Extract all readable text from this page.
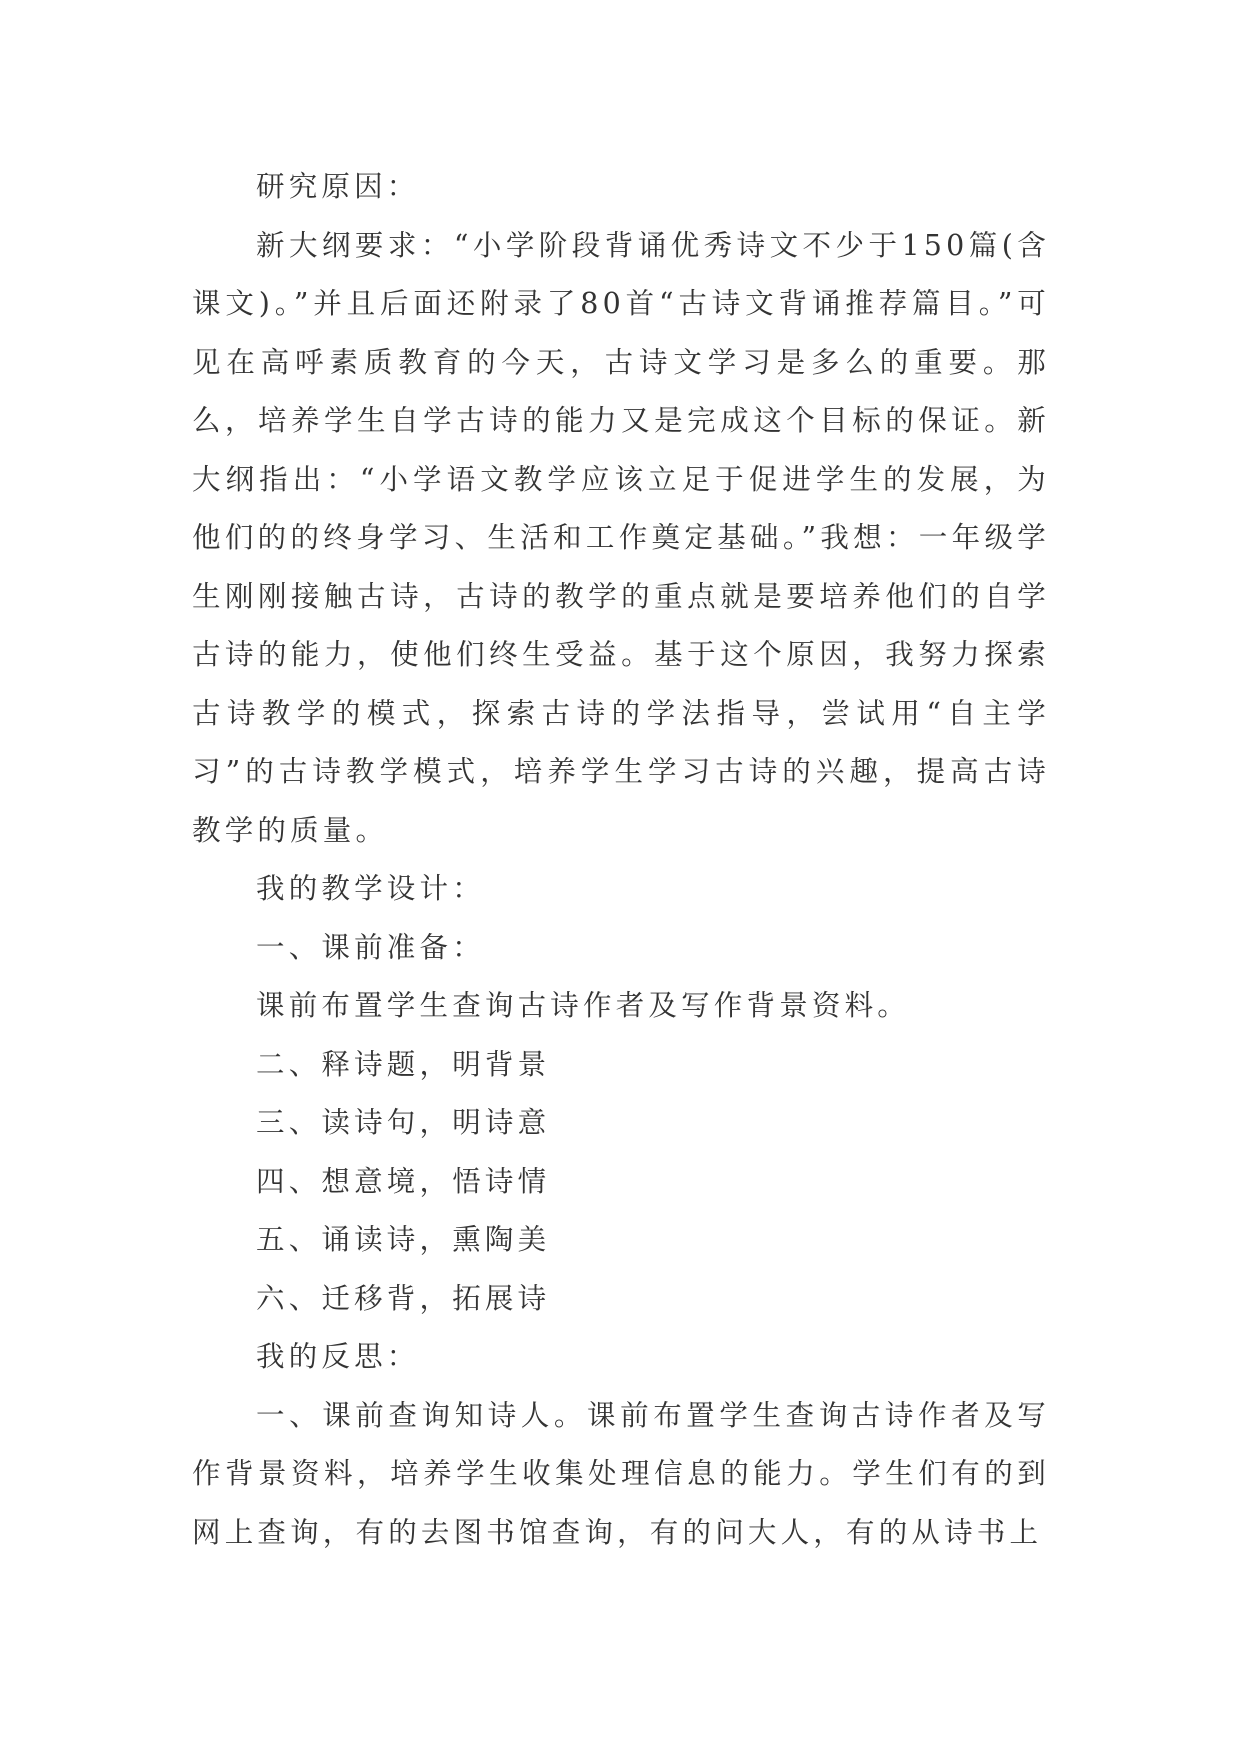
研究原因：

新大纲要求：“小学阶段背诵优秀诗文不少于150篇(含课文)。”并且后面还附录了80首“古诗文背诵推荐篇目。”可见在高呼素质教育的今天，古诗文学习是多么的重要。那么，培养学生自学古诗的能力又是完成这个目标的保证。新大纲指出：“小学语文教学应该立足于促进学生的发展，为他们的的终身学习、生活和工作奠定基础。”我想：一年级学生刚刚接触古诗，古诗的教学的重点就是要培养他们的自学古诗的能力，使他们终生受益。基于这个原因，我努力探索古诗教学的模式，探索古诗的学法指导，尝试用“自主学习”的古诗教学模式，培养学生学习古诗的兴趣，提高古诗教学的质量。

我的教学设计：

一、课前准备：

课前布置学生查询古诗作者及写作背景资料。

二、释诗题，明背景

三、读诗句，明诗意

四、想意境，悟诗情

五、诵读诗，熏陶美

六、迁移背，拓展诗

我的反思：

一、课前查询知诗人。课前布置学生查询古诗作者及写作背景资料，培养学生收集处理信息的能力。学生们有的到网上查询，有的去图书馆查询，有的问大人，有的从诗书上
